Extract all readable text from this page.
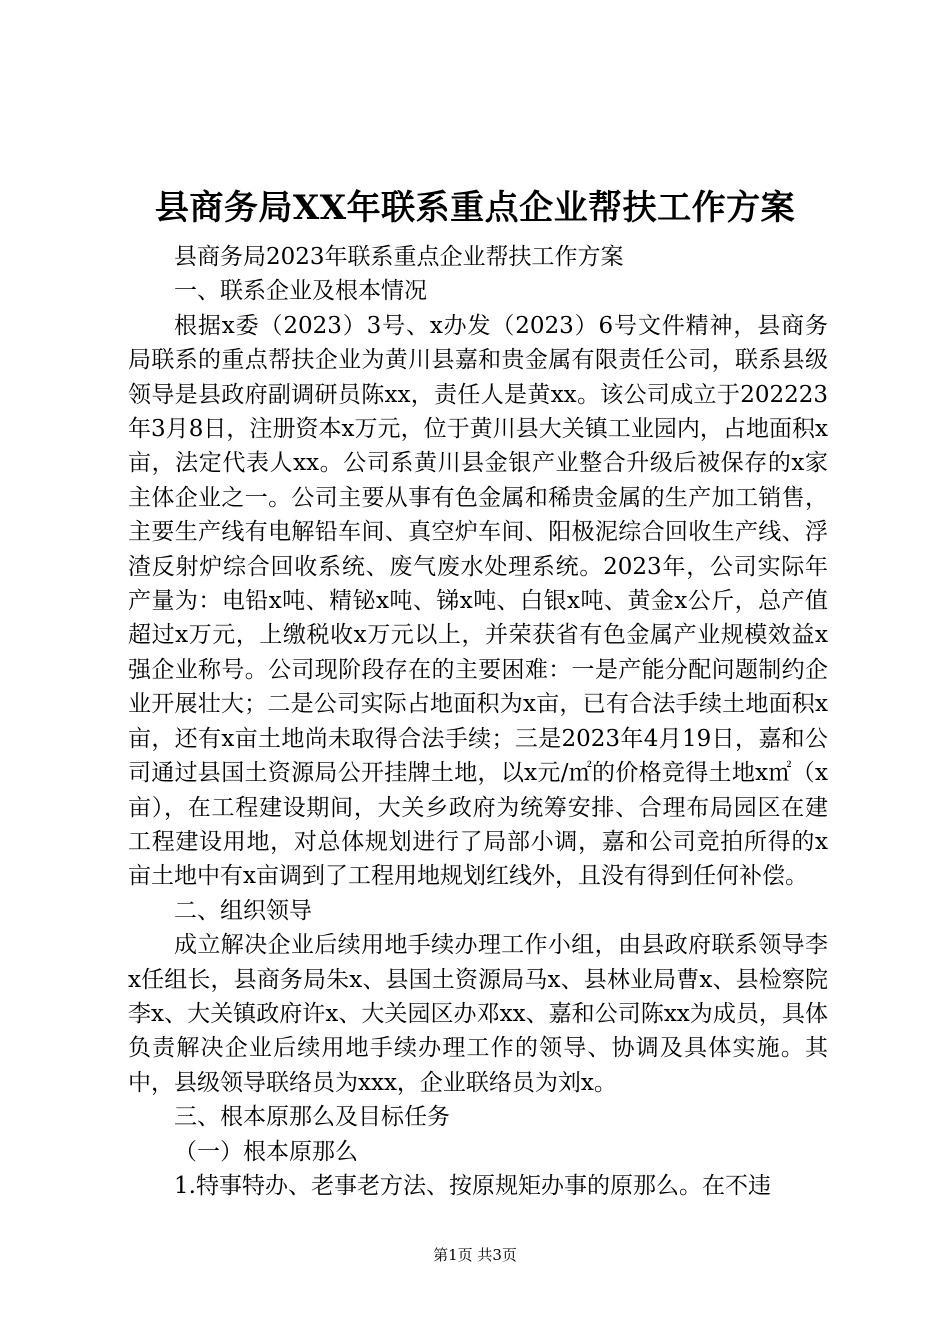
县商务局XX年联系重点企业帮扶工作方案

县商务局2023年联系重点企业帮扶工作方案

一、联系企业及根本情况

根据x委（2023）3号、x办发（2023）6号文件精神，县商务局联系的重点帮扶企业为黄川县嘉和贵金属有限责任公司，联系县级领导是县政府副调研员陈xx，责任人是黄xx。该公司成立于202223年3月8日，注册资本x万元，位于黄川县大关镇工业园内，占地面积x亩，法定代表人xx。公司系黄川县金银产业整合升级后被保存的x家主体企业之一。公司主要从事有色金属和稀贵金属的生产加工销售，主要生产线有电解铅车间、真空炉车间、阳极泥综合回收生产线、浮渣反射炉综合回收系统、废气废水处理系统。2023年，公司实际年产量为：电铅x吨、精铋x吨、锑x吨、白银x吨、黄金x公斤，总产值超过x万元，上缴税收x万元以上，并荣获省有色金属产业规模效益x强企业称号。公司现阶段存在的主要困难：一是产能分配问题制约企业开展壮大；二是公司实际占地面积为x亩，已有合法手续土地面积x亩，还有x亩土地尚未取得合法手续；三是2023年4月19日，嘉和公司通过县国土资源局公开挂牌土地，以x元/㎡的价格竞得土地x㎡（x亩），在工程建设期间，大关乡政府为统筹安排、合理布局园区在建工程建设用地，对总体规划进行了局部小调，嘉和公司竞拍所得的x亩土地中有x亩调到了工程用地规划红线外，且没有得到任何补偿。

二、组织领导

成立解决企业后续用地手续办理工作小组，由县政府联系领导李x任组长，县商务局朱x、县国土资源局马x、县林业局曹x、县检察院李x、大关镇政府许x、大关园区办邓xx、嘉和公司陈xx为成员，具体负责解决企业后续用地手续办理工作的领导、协调及具体实施。其中，县级领导联络员为xxx，企业联络员为刘x。

三、根本原那么及目标任务

（一）根本原那么

1.特事特办、老事老方法、按原规矩办事的原那么。在不违

第1页 共3页
